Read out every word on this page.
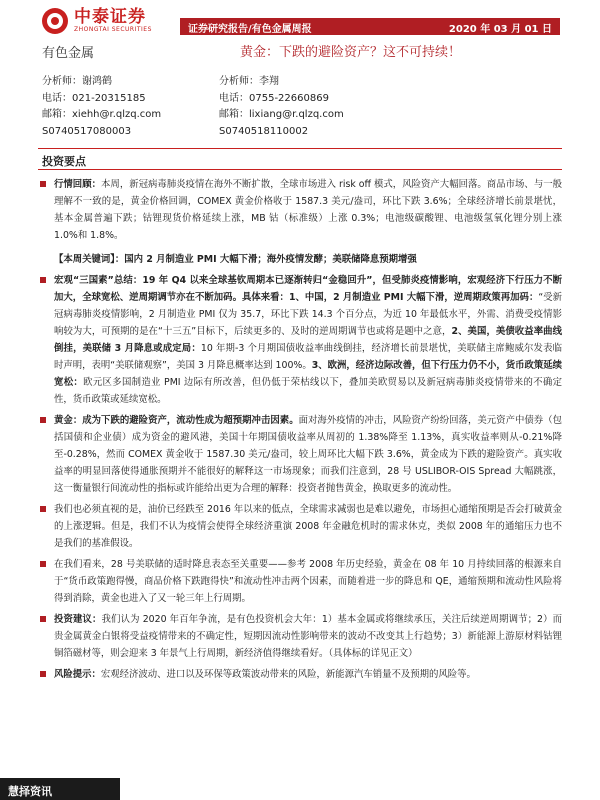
中泰证券
ZHONGTAI SECURITIES	证券研究报告/有色金属周报	2020 年 03 月 01 日
有色金属	黄金：下跌的避险资产？这不可持续！
分析师：谢鸿鹤
电话：021-20315185
邮箱：xiehh@r.qlzq.com
S0740517080003
分析师：李翔
电话：0755-22660869
邮箱：lixiang@r.qlzq.com
S0740518110002
投资要点
行情回顾：本周，新冠病毒肺炎疫情在海外不断扩散，全球市场进入 risk off 模式，风险资产大幅回落。商品市场、与一般理解不一致的是，黄金价格回调，COMEX 黄金价格收于 1587.3 美元/盎司，环比下跌 3.6%；全球经济增长前景堪忧，基本金属普遍下跌；钴锂现货价格延续上涨，MB 钴（标准级）上涨 0.3%；电池级碳酸锂、电池级氢氧化锂分别上涨 1.0%和 1.8%。
【本周关键词】：国内 2 月制造业 PMI 大幅下滑；海外疫情发酵；美联储降息预期增强
宏观“三国素”总结：19 年 Q4 以来全球基钦周期本已逐渐转归“金稳回升”，但受肺炎疫情影响，宏观经济下行压力不断加大，全球宽松、逆周期调节亦在不断加码。具体来看：1、中国，2 月制造业 PMI 大幅下滑，逆周期政策再加码：“受新冠病毒肺炎疫情影响，2 月制造业 PMI 仅为 35.7，环比下跌 14.3 个百分点，为近 10 年最低水平，外需、消费受疫情影响较为大，可预期的是在“十三五”目标下，后续更多的、及时的逆周期调节也或将是题中之意，2、美国，美债收益率曲线倒挂，美联储 3 月降息或成定局：10 年期-3 个月期国债收益率曲线倒挂，经济增长前景堪忧，美联储主席鲍威尔发表临时声明，表明“美联储观察”，美国 3 月降息概率达到 100%。3、欧洲，经济边际改善，但下行压力仍不小，货币政策延续宽松：欧元区多国制造业 PMI 边际有所改善，但仍低于荣枯线以下，叠加美欧贸易以及新冠病毒肺炎疫情带来的不确定性，货币政策或延续宽松。
黄金：成为下跌的避险资产，流动性成为超预期冲击因素。面对海外疫情的冲击，风险资产纷纷回落，美元资产中债券（包括国债和企业债）成为资金的避风港，美国十年期国债收益率从周初的 1.38%降至 1.13%，真实收益率则从-0.21%降至-0.28%，然而 COMEX 黄金收于 1587.30 美元/盎司，较上周环比大幅下跌 3.6%，黄金成为下跌的避险资产。真实收益率的明显回落使得通胀预期并不能很好的解释这一市场现象；而我们注意到，28 号 USLIBOR-OIS Spread 大幅跳涨，这一衡量银行间流动性的指标或许能给出更为合理的解释：投资者抛售黄金，换取更多的流动性。
我们也必须直视的是，油价已经跌至 2016 年以来的低点，全球需求减弱也是难以避免，市场担心通缩预期是否会打破黄金的上涨逻辑。但是，我们不认为疫情会使得全球经济重演 2008 年金融危机时的需求休克，类似 2008 年的通缩压力也不是我们的基准假设。
在我们看来，28 号美联储的适时降息表态至关重要——参考 2008 年历史经验，黄金在 08 年 10 月持续回落的根源来自于“货币政策跑得慢，商品价格下跌跑得快”和流动性冲击两个因素，而随着进一步的降息和 QE，通缩预期和流动性风险将得到消除，黄金也进入了又一轮三年上行周期。
投资建议：我们认为 2020 年百年争流，是有色投资机会大年：1）基本金属或将继续承压，关注后续逆周期调节；2）而贵金属黄金白银将受益疫情带来的不确定性，短期因流动性影响带来的波动不改变其上行趋势；3）新能源上游原材料钴锂铜箔磁材等，则会迎来 3 年景气上行周期，新经济值得继续看好。（具体标的详见正文）
风险提示：宏观经济波动、进口以及环保等政策波动带来的风险，新能源汽车销量不及预期的风险等。
慧择资讯
